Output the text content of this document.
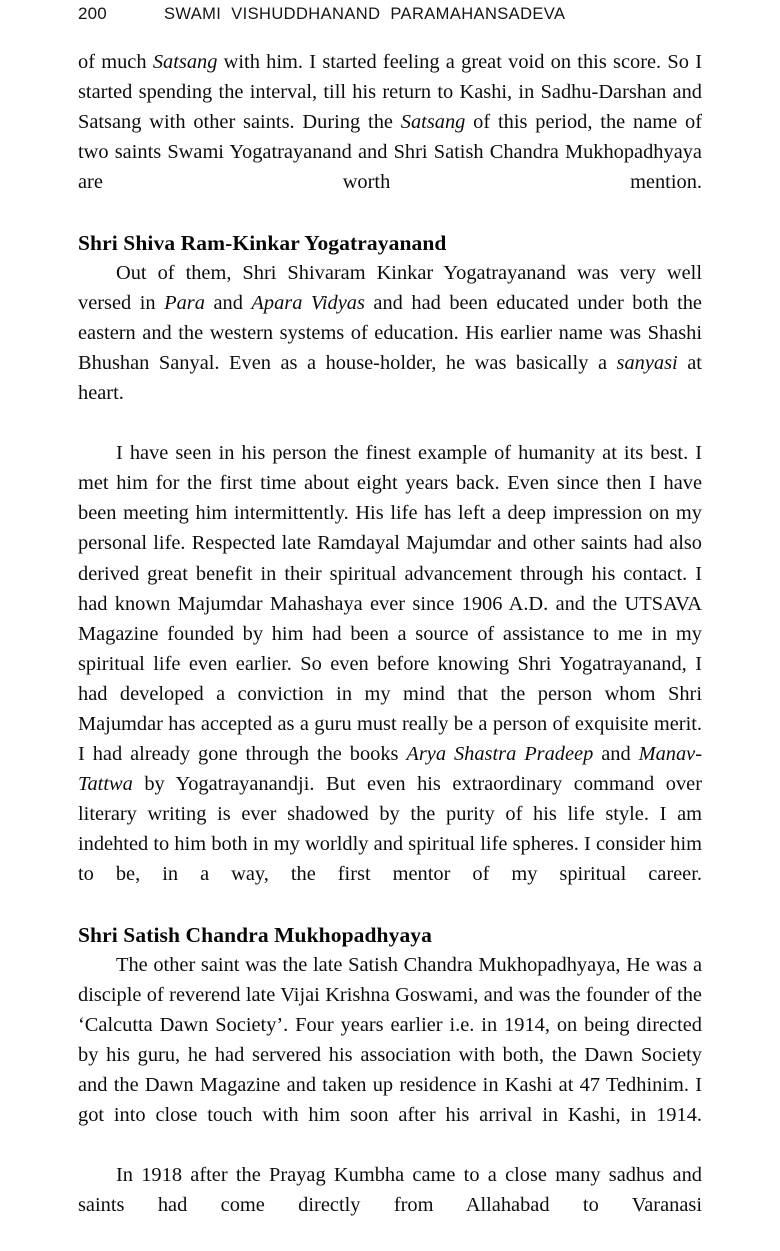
200	SWAMI VISHUDDHANAND PARAMAHANSADEVA

of much Satsang with him. I started feeling a great void on this score. So I started spending the interval, till his return to Kashi, in Sadhu-Darshan and Satsang with other saints. During the Satsang of this period, the name of two saints Swami Yogatrayanand and Shri Satish Chandra Mukhopadhyaya are worth mention.

Shri Shiva Ram-Kinkar Yogatrayanand

Out of them, Shri Shivaram Kinkar Yogatrayanand was very well versed in Para and Apara Vidyas and had been educated under both the eastern and the western systems of education. His earlier name was Shashi Bhushan Sanyal. Even as a house-holder, he was basically a sanyasi at heart.

I have seen in his person the finest example of humanity at its best. I met him for the first time about eight years back. Even since then I have been meeting him intermittently. His life has left a deep impression on my personal life. Respected late Ramdayal Majumdar and other saints had also derived great benefit in their spiritual advancement through his contact. I had known Majumdar Mahashaya ever since 1906 A.D. and the UTSAVA Magazine founded by him had been a source of assistance to me in my spiritual life even earlier. So even before knowing Shri Yogatrayanand, I had developed a conviction in my mind that the person whom Shri Majumdar has accepted as a guru must really be a person of exquisite merit. I had already gone through the books Arya Shastra Pradeep and Manav-Tattwa by Yogatrayanandji. But even his extraordinary command over literary writing is ever shadowed by the purity of his life style. I am indehted to him both in my worldly and spiritual life spheres. I consider him to be, in a way, the first mentor of my spiritual career.

Shri Satish Chandra Mukhopadhyaya

The other saint was the late Satish Chandra Mukhopadhyaya, He was a disciple of reverend late Vijai Krishna Goswami, and was the founder of the ‘Calcutta Dawn Society’. Four years earlier i.e. in 1914, on being directed by his guru, he had servered his association with both, the Dawn Society and the Dawn Magazine and taken up residence in Kashi at 47 Tedhinim. I got into close touch with him soon after his arrival in Kashi, in 1914.

In 1918 after the Prayag Kumbha came to a close many sadhus and saints had come directly from Allahabad to Varanasi
